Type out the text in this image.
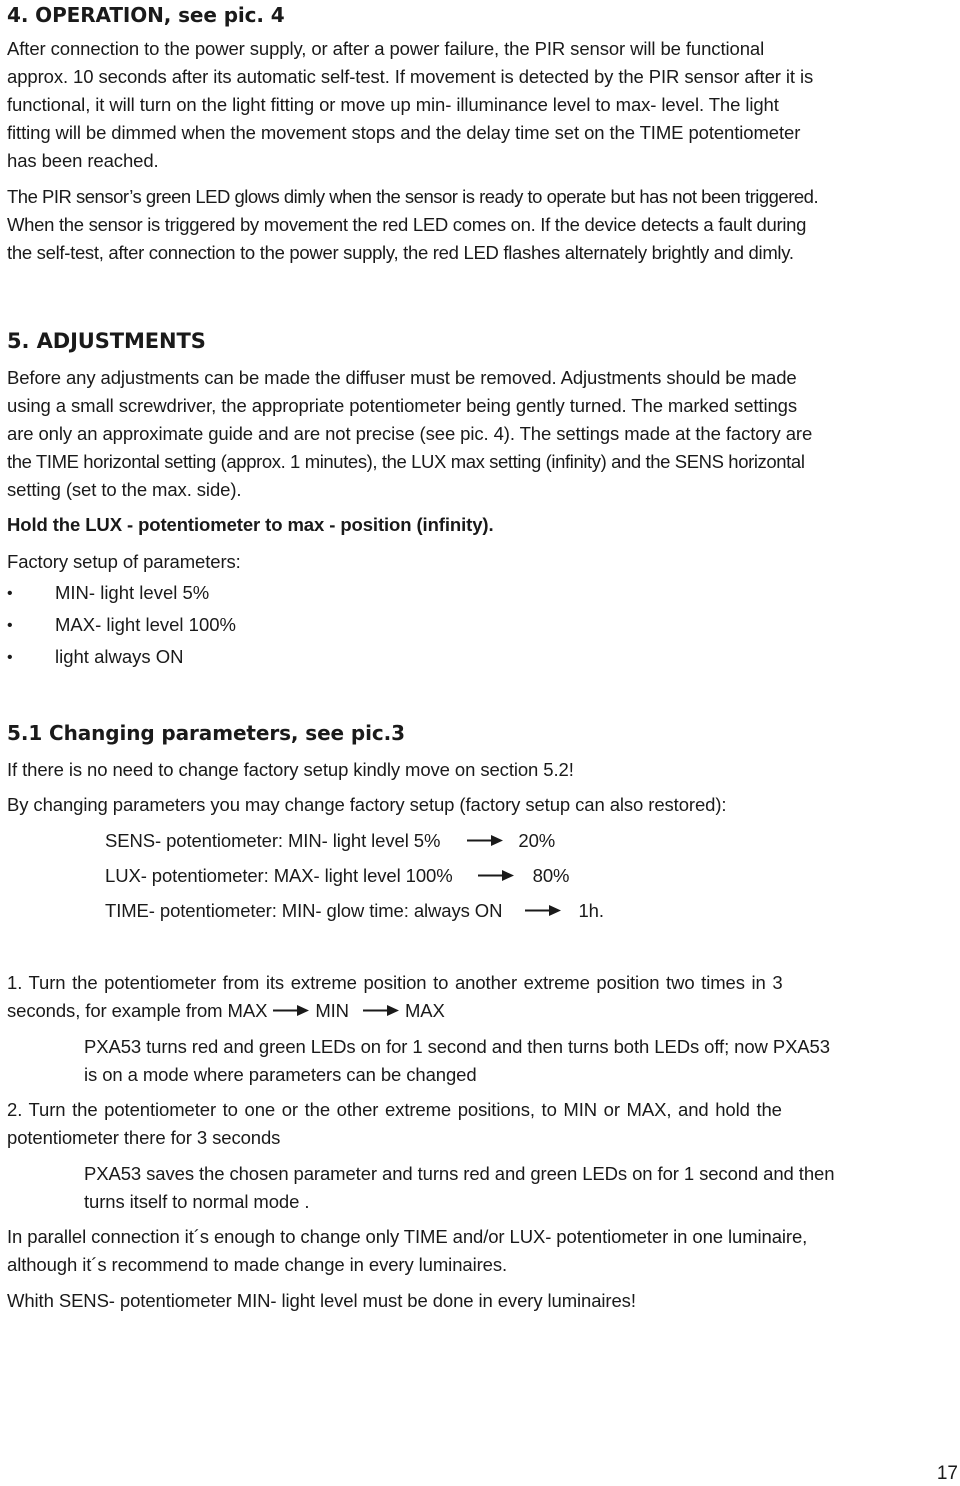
4. OPERATION, see pic. 4
After connection to the power supply, or after a power failure, the PIR sensor will be functional
approx. 10 seconds after its automatic self-test. If movement is detected by the PIR sensor after it is
functional, it will turn on the light fitting or move up min- illuminance level to max- level. The light
fitting will be dimmed when the movement stops and the delay time set on the TIME potentiometer
has been reached.
The PIR sensor’s green LED glows dimly when the sensor is ready to operate but has not been triggered.
When the sensor is triggered by movement the red LED comes on. If the device detects a fault during
the self-test, after connection to the power supply, the red LED flashes alternately brightly and dimly.
5. ADJUSTMENTS
Before any adjustments can be made the diffuser must be removed. Adjustments should be made
using a small screwdriver, the appropriate potentiometer being gently turned. The marked settings
are only an approximate guide and are not precise (see pic. 4). The settings made at the factory are
the TIME horizontal setting (approx. 1 minutes), the LUX max setting (infinity) and the SENS horizontal
setting (set to the max. side).
Hold the LUX - potentiometer to max - position (infinity).
Factory setup of parameters:
• MIN- light level 5%
• MAX- light level 100%
• light always ON
5.1 Changing parameters, see pic.3
If there is no need to change factory setup kindly move on section 5.2!
By changing parameters you may change factory setup (factory setup can also restored):
SENS- potentiometer: MIN- light level 5%	20%
LUX- potentiometer: MAX- light level 100%	80%
TIME- potentiometer: MIN- glow time: always ON	1h.
1. Turn the potentiometer from its extreme position to another extreme position two times in 3
seconds, for example from MAX	MIN	MAX
PXA53 turns red and green LEDs on for 1 second and then turns both LEDs off; now PXA53
is on a mode where parameters can be changed
2. Turn the potentiometer to one or the other extreme positions, to MIN or MAX, and hold the
potentiometer there for 3 seconds
PXA53 saves the chosen parameter and turns red and green LEDs on for 1 second and then
turns itself to normal mode .
In parallel connection it´s enough to change only TIME and/or LUX- potentiometer in one luminaire,
although it´s recommend to made change in every luminaires.
Whith SENS- potentiometer MIN- light level must be done in every luminaires!
17
